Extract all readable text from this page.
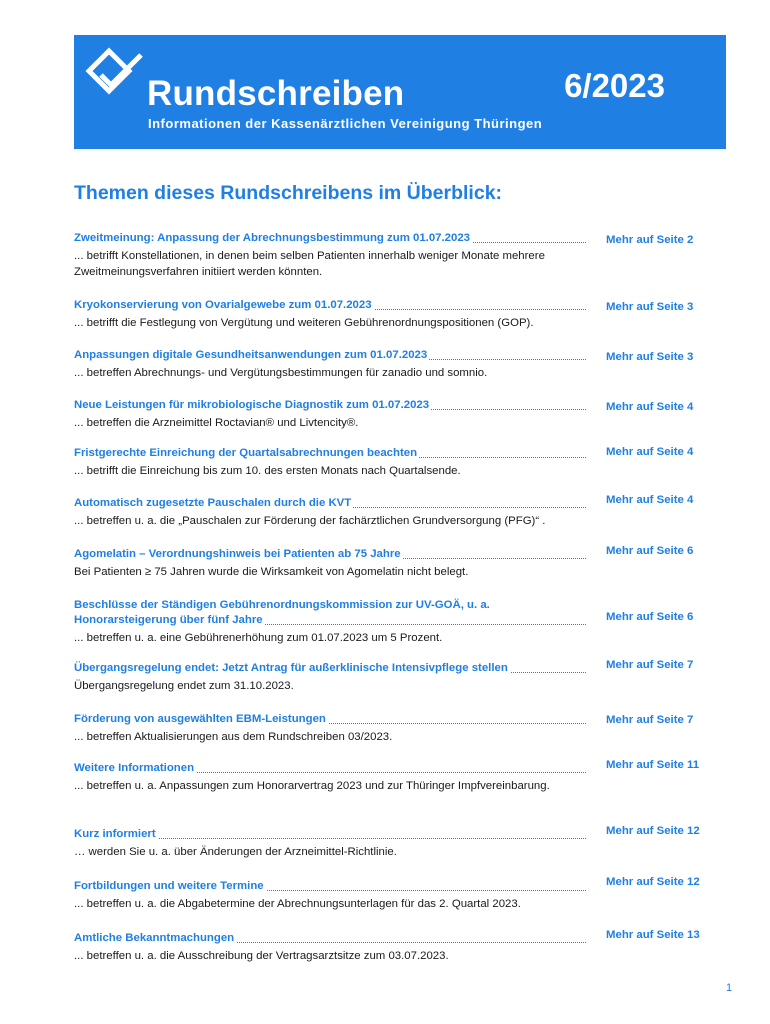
Rundschreiben	6/2023
Informationen der Kassenärztlichen Vereinigung Thüringen
Themen dieses Rundschreibens im Überblick:
Zweitmeinung: Anpassung der Abrechnungsbestimmung zum 01.07.2023
... betrifft Konstellationen, in denen beim selben Patienten innerhalb weniger Monate mehrere Zweitmeinungsverfahren initiiert werden könnten.
Mehr auf Seite 2
Kryokonservierung von Ovarialgewebe zum 01.07.2023
... betrifft die Festlegung von Vergütung und weiteren Gebührenordnungspositionen (GOP).
Mehr auf Seite 3
Anpassungen digitale Gesundheitsanwendungen zum 01.07.2023
... betreffen Abrechnungs- und Vergütungsbestimmungen für zanadio und somnio.
Mehr auf Seite 3
Neue Leistungen für mikrobiologische Diagnostik zum 01.07.2023
... betreffen die Arzneimittel Roctavian® und Livtencity®.
Mehr auf Seite 4
Fristgerechte Einreichung der Quartalsabrechnungen beachten
... betrifft die Einreichung bis zum 10. des ersten Monats nach Quartalsende.
Mehr auf Seite 4
Automatisch zugesetzte Pauschalen durch die KVT
... betreffen u. a. die „Pauschalen zur Förderung der fachärztlichen Grundversorgung (PFG)“ .
Mehr auf Seite 4
Agomelatin – Verordnungshinweis bei Patienten ab 75 Jahre
Bei Patienten ≥ 75 Jahren wurde die Wirksamkeit von Agomelatin nicht belegt.
Mehr auf Seite 6
Beschlüsse der Ständigen Gebührenordnungskommission zur UV-GOÄ, u. a. Honorarsteigerung über fünf Jahre
... betreffen u. a. eine Gebührenerhöhung zum 01.07.2023 um 5 Prozent.
Mehr auf Seite 6
Übergangsregelung endet: Jetzt Antrag für außerklinische Intensivpflege stellen
Übergangsregelung endet zum 31.10.2023.
Mehr auf Seite 7
Förderung von ausgewählten EBM-Leistungen
... betreffen Aktualisierungen aus dem Rundschreiben 03/2023.
Mehr auf Seite 7
Weitere Informationen
... betreffen u. a. Anpassungen zum Honorarvertrag 2023 und zur Thüringer Impfvereinbarung.
Mehr auf Seite 11
Kurz informiert
… werden Sie u. a. über Änderungen der Arzneimittel-Richtlinie.
Mehr auf Seite 12
Fortbildungen und weitere Termine
... betreffen u. a. die Abgabetermine der Abrechnungsunterlagen für das 2. Quartal 2023.
Mehr auf Seite 12
Amtliche Bekanntmachungen
... betreffen u. a. die Ausschreibung der Vertragsarztsitze zum 03.07.2023.
Mehr auf Seite 13
1
